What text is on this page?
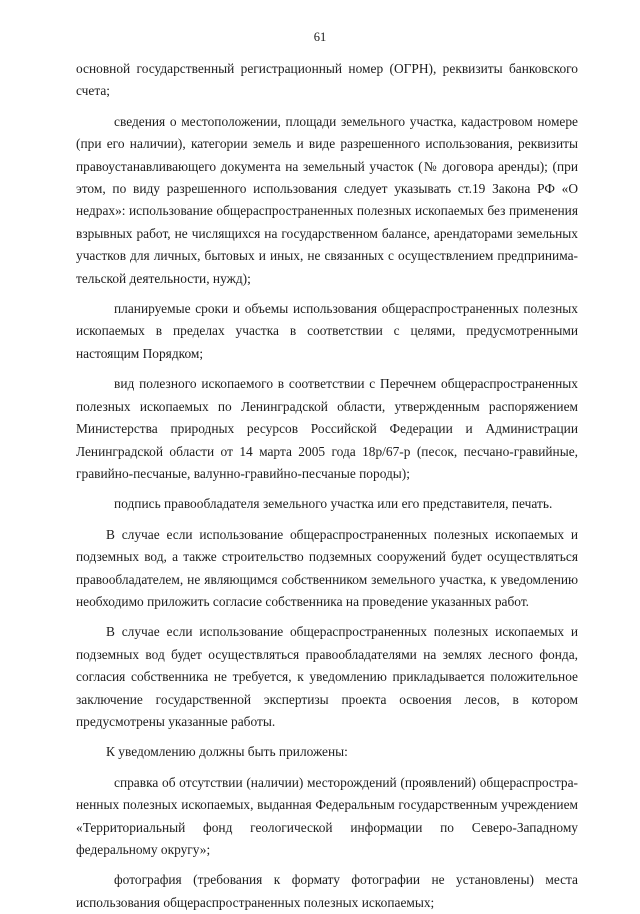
61

основной государственный регистрационный номер (ОГРН), реквизиты банковского счета;

сведения о местоположении, площади земельного участка, кадастровом номере (при его наличии), категории земель и виде разрешенного использования, реквизиты правоустанавливающего документа на земельный участок (№ договора аренды); (при этом, по виду разрешенного использования следует указывать ст.19 Закона РФ «О недрах»: использование общераспространенных полезных ископаемых без применения взрывных работ, не числящихся на государственном балансе, арендаторами земельных участков для личных, бытовых и иных, не связанных с осуществлением предпринимательской деятельности, нужд);

планируемые сроки и объемы использования общераспространенных полезных ископаемых в пределах участка в соответствии с целями, предусмотренными настоящим Порядком;

вид полезного ископаемого в соответствии с Перечнем общераспространенных полезных ископаемых по Ленинградской области, утвержденным распоряжением Министерства природных ресурсов Российской Федерации и Администрации Ленинградской области от 14 марта 2005 года 18р/67-р (песок, песчано-гравийные, гравийно-песчаные, валунно-гравийно-песчаные породы);

подпись правообладателя земельного участка или его представителя, печать.

В случае если использование общераспространенных полезных ископаемых и подземных вод, а также строительство подземных сооружений будет осуществляться правообладателем, не являющимся собственником земельного участка, к уведомлению необходимо приложить согласие собственника на проведение указанных работ.

В случае если использование общераспространенных полезных ископаемых и подземных вод будет осуществляться правообладателями на землях лесного фонда, согласия собственника не требуется, к уведомлению прикладывается положительное заключение государственной экспертизы проекта освоения лесов, в котором предусмотрены указанные работы.

К уведомлению должны быть приложены:

справка об отсутствии (наличии) месторождений (проявлений) общераспространенных полезных ископаемых, выданная Федеральным государственным учреждением «Территориальный фонд геологической информации по Северо-Западному федеральному округу»;

фотография (требования к формату фотографии не установлены) места использования общераспространенных полезных ископаемых;
